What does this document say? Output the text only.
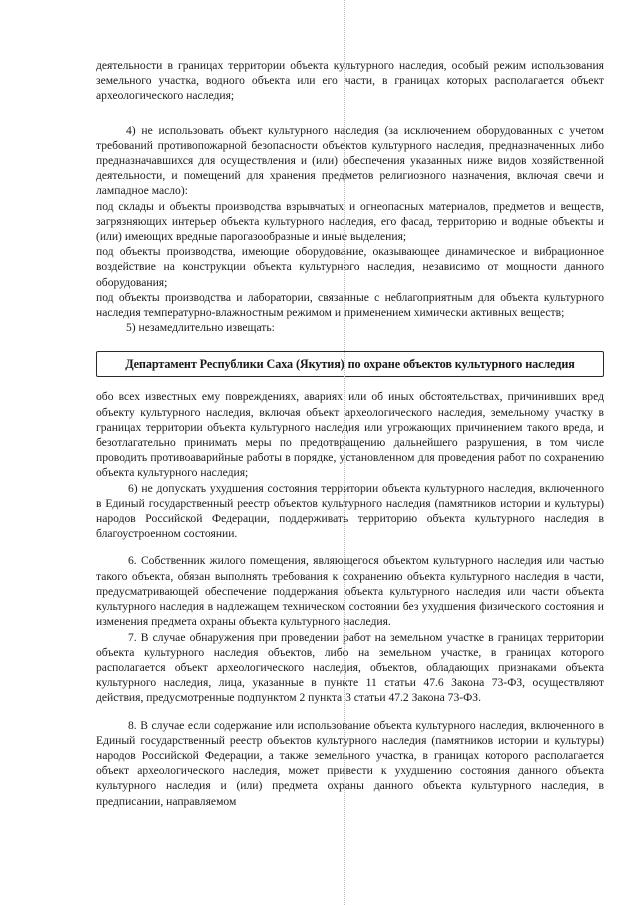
деятельности в границах территории объекта культурного наследия, особый режим использования земельного участка, водного объекта или его части, в границах которых располагается объект археологического наследия;

4) не использовать объект культурного наследия (за исключением оборудованных с учетом требований противопожарной безопасности объектов культурного наследия, предназначенных либо предназначавшихся для осуществления и (или) обеспечения указанных ниже видов хозяйственной деятельности, и помещений для хранения предметов религиозного назначения, включая свечи и лампадное масло):

под склады и объекты производства взрывчатых и огнеопасных материалов, предметов и веществ, загрязняющих интерьер объекта культурного наследия, его фасад, территорию и водные объекты и (или) имеющих вредные парогазообразные и иные выделения;

под объекты производства, имеющие оборудование, оказывающее динамическое и вибрационное воздействие на конструкции объекта культурного наследия, независимо от мощности данного оборудования;

под объекты производства и лаборатории, связанные с неблагоприятным для объекта культурного наследия температурно-влажностным режимом и применением химически активных веществ;

5) незамедлительно извещать:

Департамент Республики Саха (Якутия) по охране объектов культурного наследия

обо всех известных ему повреждениях, авариях или об иных обстоятельствах, причинивших вред объекту культурного наследия, включая объект археологического наследия, земельному участку в границах территории объекта культурного наследия или угрожающих причинением такого вреда, и безотлагательно принимать меры по предотвращению дальнейшего разрушения, в том числе проводить противоаварийные работы в порядке, установленном для проведения работ по сохранению объекта культурного наследия;

6) не допускать ухудшения состояния территории объекта культурного наследия, включенного в Единый государственный реестр объектов культурного наследия (памятников истории и культуры) народов Российской Федерации, поддерживать территорию объекта культурного наследия в благоустроенном состоянии.

6. Собственник жилого помещения, являющегося объектом культурного наследия или частью такого объекта, обязан выполнять требования к сохранению объекта культурного наследия в части, предусматривающей обеспечение поддержания объекта культурного наследия или части объекта культурного наследия в надлежащем техническом состоянии без ухудшения физического состояния и изменения предмета охраны объекта культурного наследия.

7. В случае обнаружения при проведении работ на земельном участке в границах территории объекта культурного наследия объектов, либо на земельном участке, в границах которого располагается объект археологического наследия, объектов, обладающих признаками объекта культурного наследия, лица, указанные в пункте 11 статьи 47.6 Закона 73-ФЗ, осуществляют действия, предусмотренные подпунктом 2 пункта 3 статьи 47.2 Закона 73-ФЗ.

8. В случае если содержание или использование объекта культурного наследия, включенного в Единый государственный реестр объектов культурного наследия (памятников истории и культуры) народов Российской Федерации, а также земельного участка, в границах которого располагается объект археологического наследия, может привести к ухудшению состояния данного объекта культурного наследия и (или) предмета охраны данного объекта культурного наследия, в предписании, направляемом
